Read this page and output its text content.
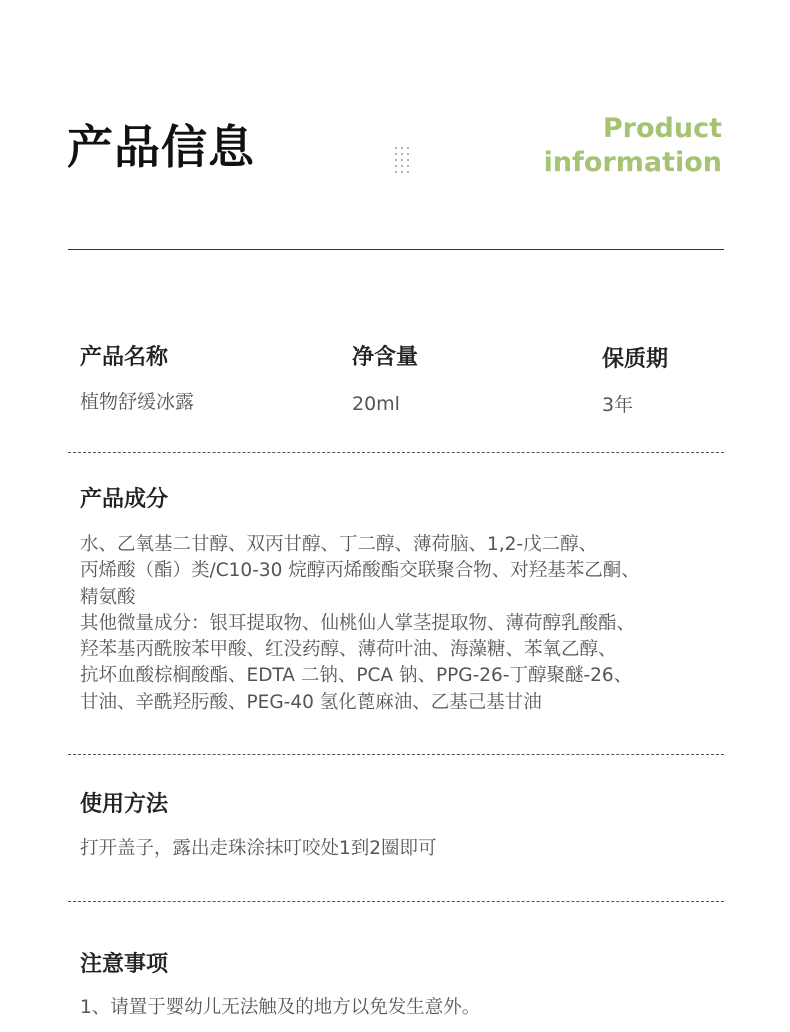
产品信息	Product
information
产品名称
植物舒缓冰露
净含量
20ml
保质期
3年
产品成分
水、乙氧基二甘醇、双丙甘醇、丁二醇、薄荷脑、1,2-戊二醇、
丙烯酸（酯）类/C10-30 烷醇丙烯酸酯交联聚合物、对羟基苯乙酮、
精氨酸
其他微量成分：银耳提取物、仙桃仙人掌茎提取物、薄荷醇乳酸酯、
羟苯基丙酰胺苯甲酸、红没药醇、薄荷叶油、海藻糖、苯氧乙醇、
抗坏血酸棕榈酸酯、EDTA 二钠、PCA 钠、PPG-26-丁醇聚醚-26、
甘油、辛酰羟肟酸、PEG-40 氢化蓖麻油、乙基己基甘油
使用方法
打开盖子，露出走珠涂抹叮咬处1到2圈即可
注意事项
1、请置于婴幼儿无法触及的地方以免发生意外。
